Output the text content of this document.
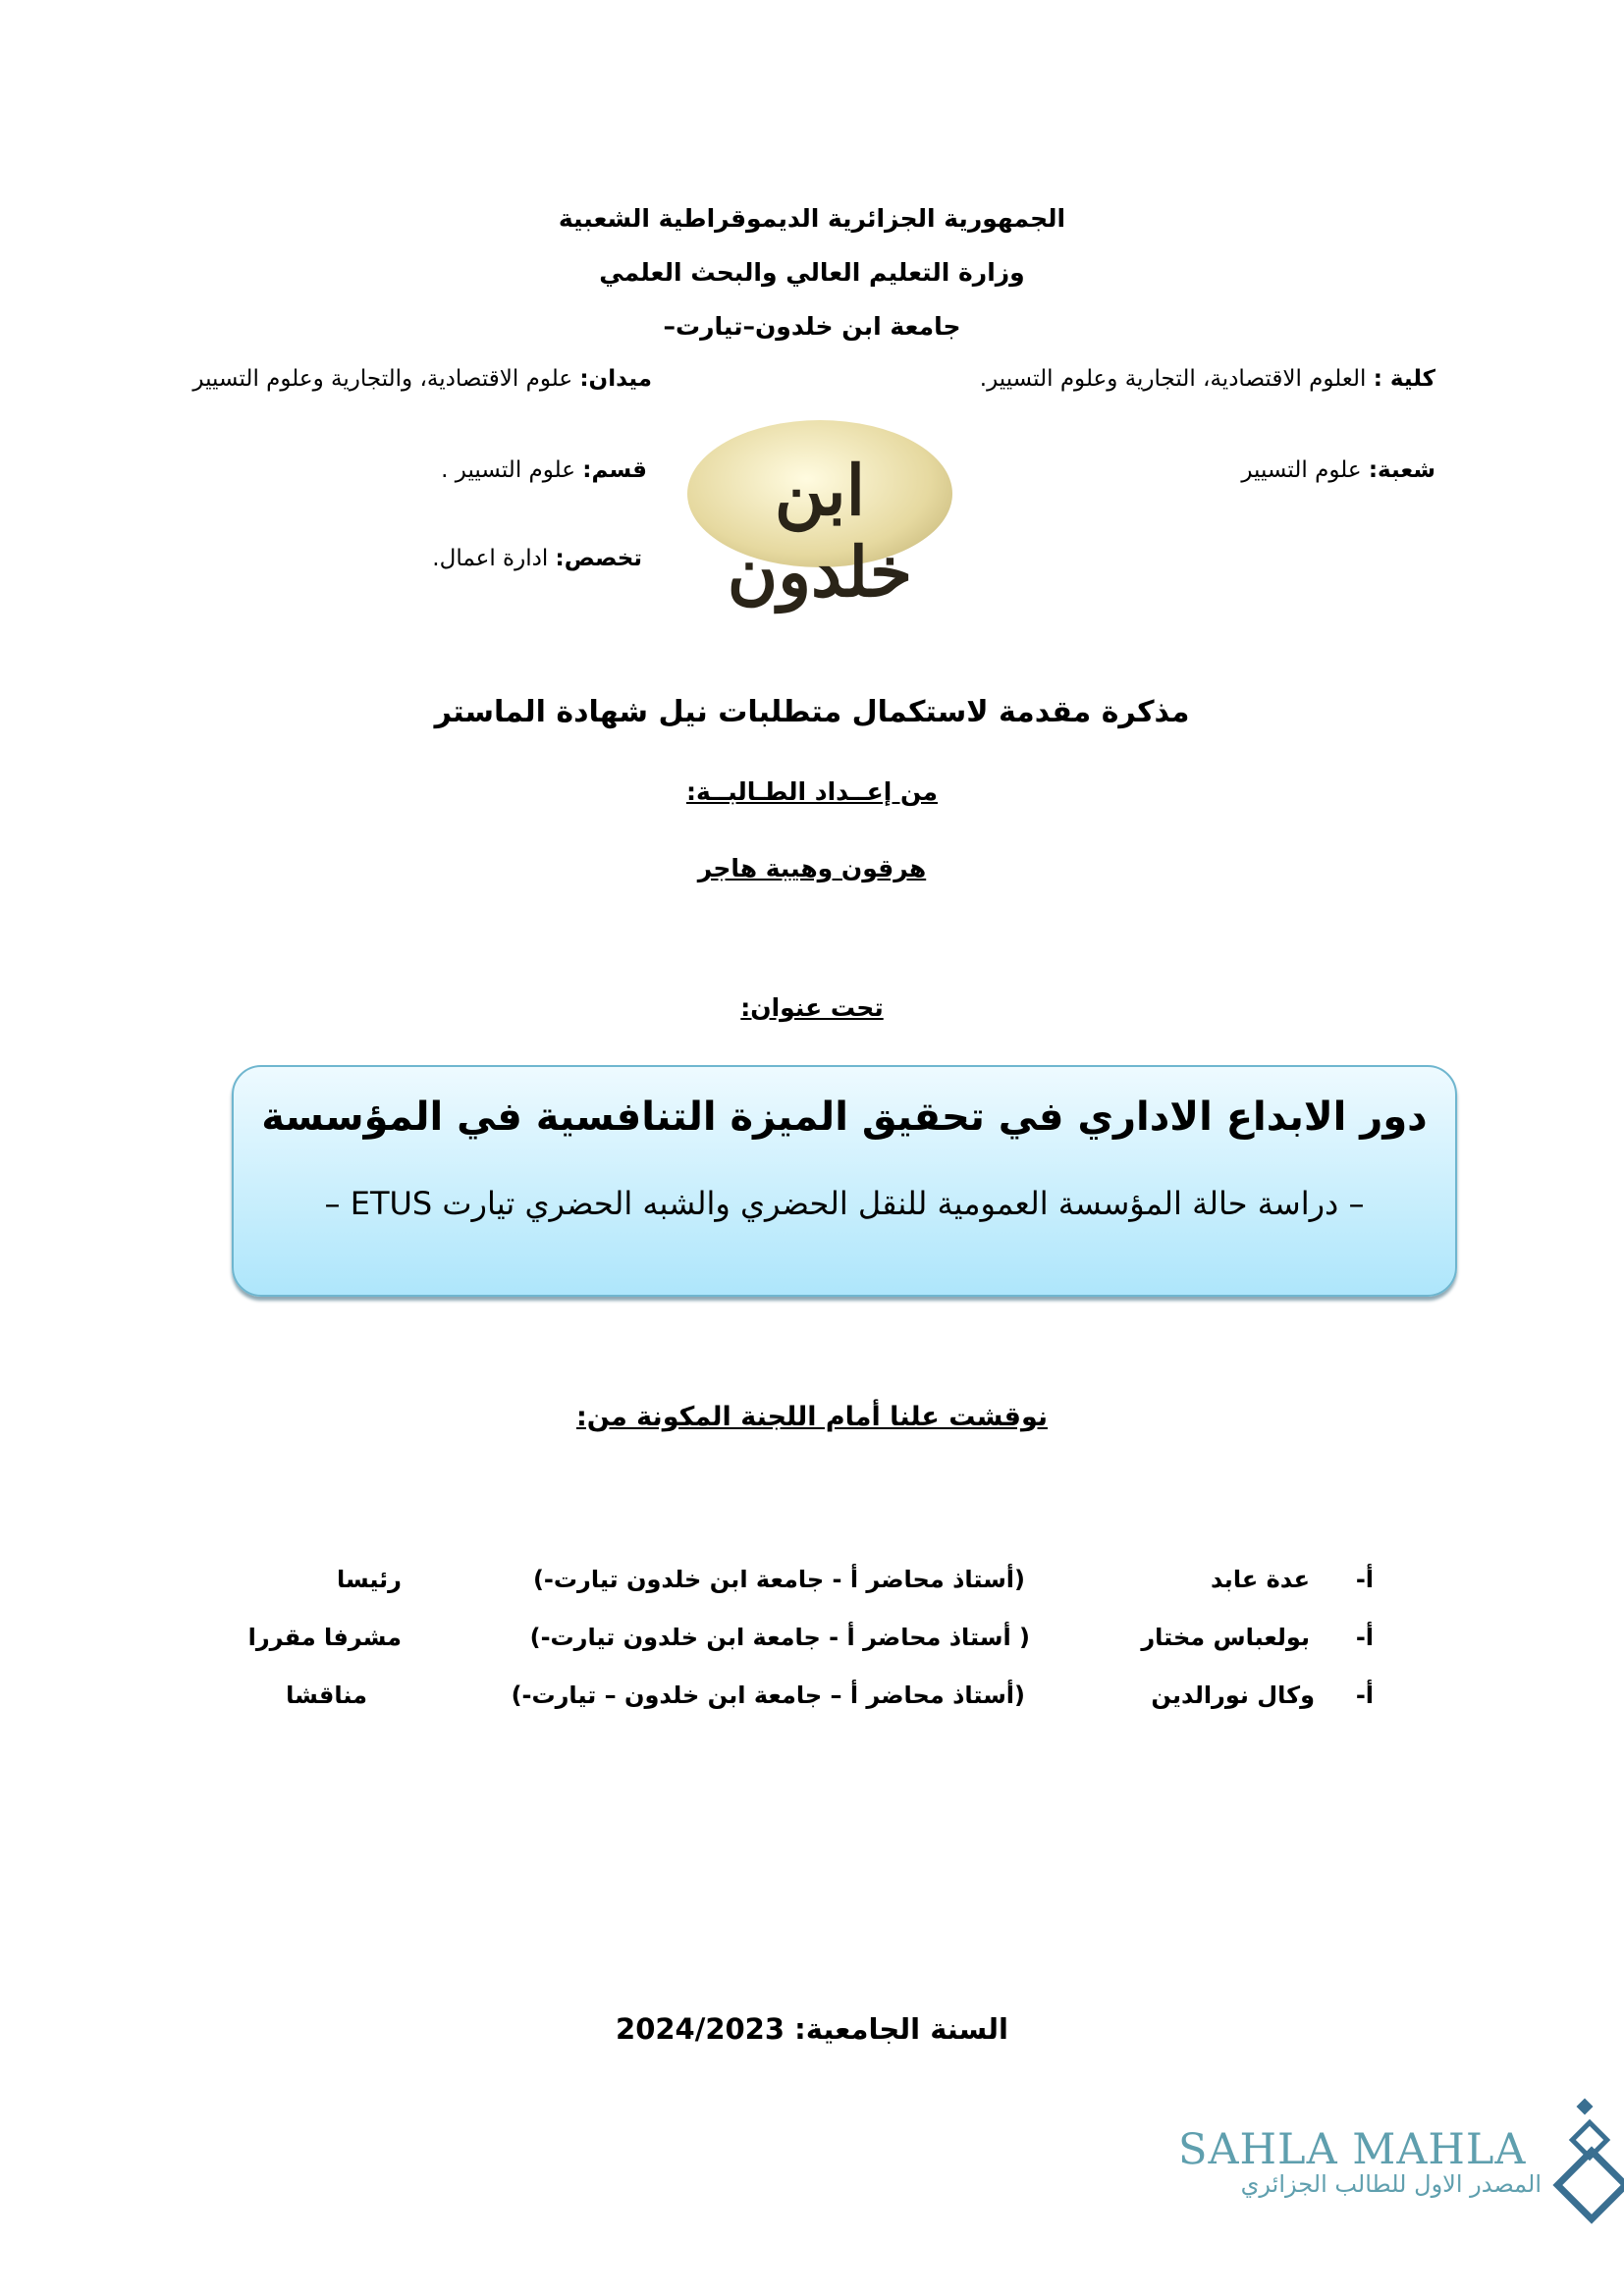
الجمهورية الجزائرية الديموقراطية الشعبية
وزارة التعليم العالي والبحث العلمي
جامعة ابن خلدون–تيارت–
كلية : العلوم الاقتصادية، التجارية وعلوم التسيير.
ميدان: علوم الاقتصادية، والتجارية وعلوم التسيير
شعبة: علوم التسيير
قسم: علوم التسيير .
تخصص: ادارة اعمال.
ابن خلدون
مذكرة مقدمة لاستكمال متطلبات نيل شهادة الماستر
من إعــداد الطـالبــة:
هرقون وهيبة هاجر
تحت عنوان:
دور الابداع الاداري في تحقيق الميزة التنافسية في المؤسسة
– دراسة حالة المؤسسة العمومية للنقل الحضري والشبه الحضري تيارت ETUS –
نوقشت علنا أمام اللجنة المكونة من:
أ-
عدة عابد
(أستاذ محاضر أ - جامعة ابن خلدون تيارت-)
رئيسا
أ-
بولعباس مختار
( أستاذ محاضر أ - جامعة ابن خلدون تيارت-)
مشرفا مقررا
أ-
وكال نورالدين
(أستاذ محاضر أ – جامعة ابن خلدون – تيارت-)
مناقشا
السنة الجامعية: 2024/2023
SAHLA MAHLA
المصدر الاول للطالب الجزائري
